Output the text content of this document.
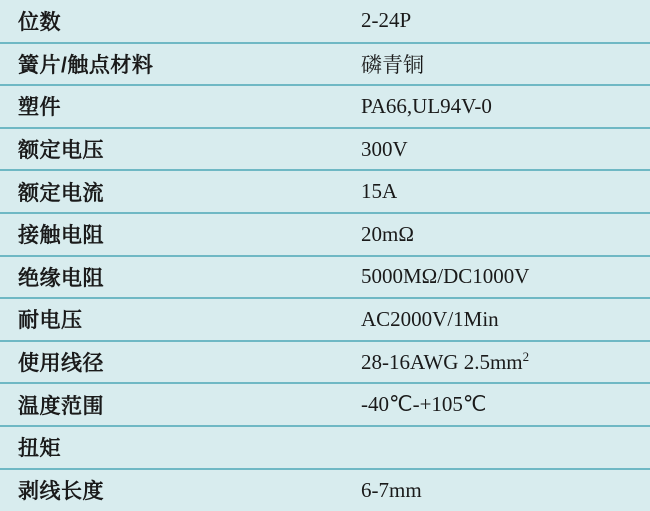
位数	2-24P
簧片/触点材料	磷青铜
塑件	PA66,UL94V-0
额定电压	300V
额定电流	15A
接触电阻	20mΩ
绝缘电阻	5000MΩ/DC1000V
耐电压	AC2000V/1Min
使用线径	28-16AWG $2.5mm^2$
温度范围	-40℃-+105℃
扭矩	
剥线长度	6-7mm
